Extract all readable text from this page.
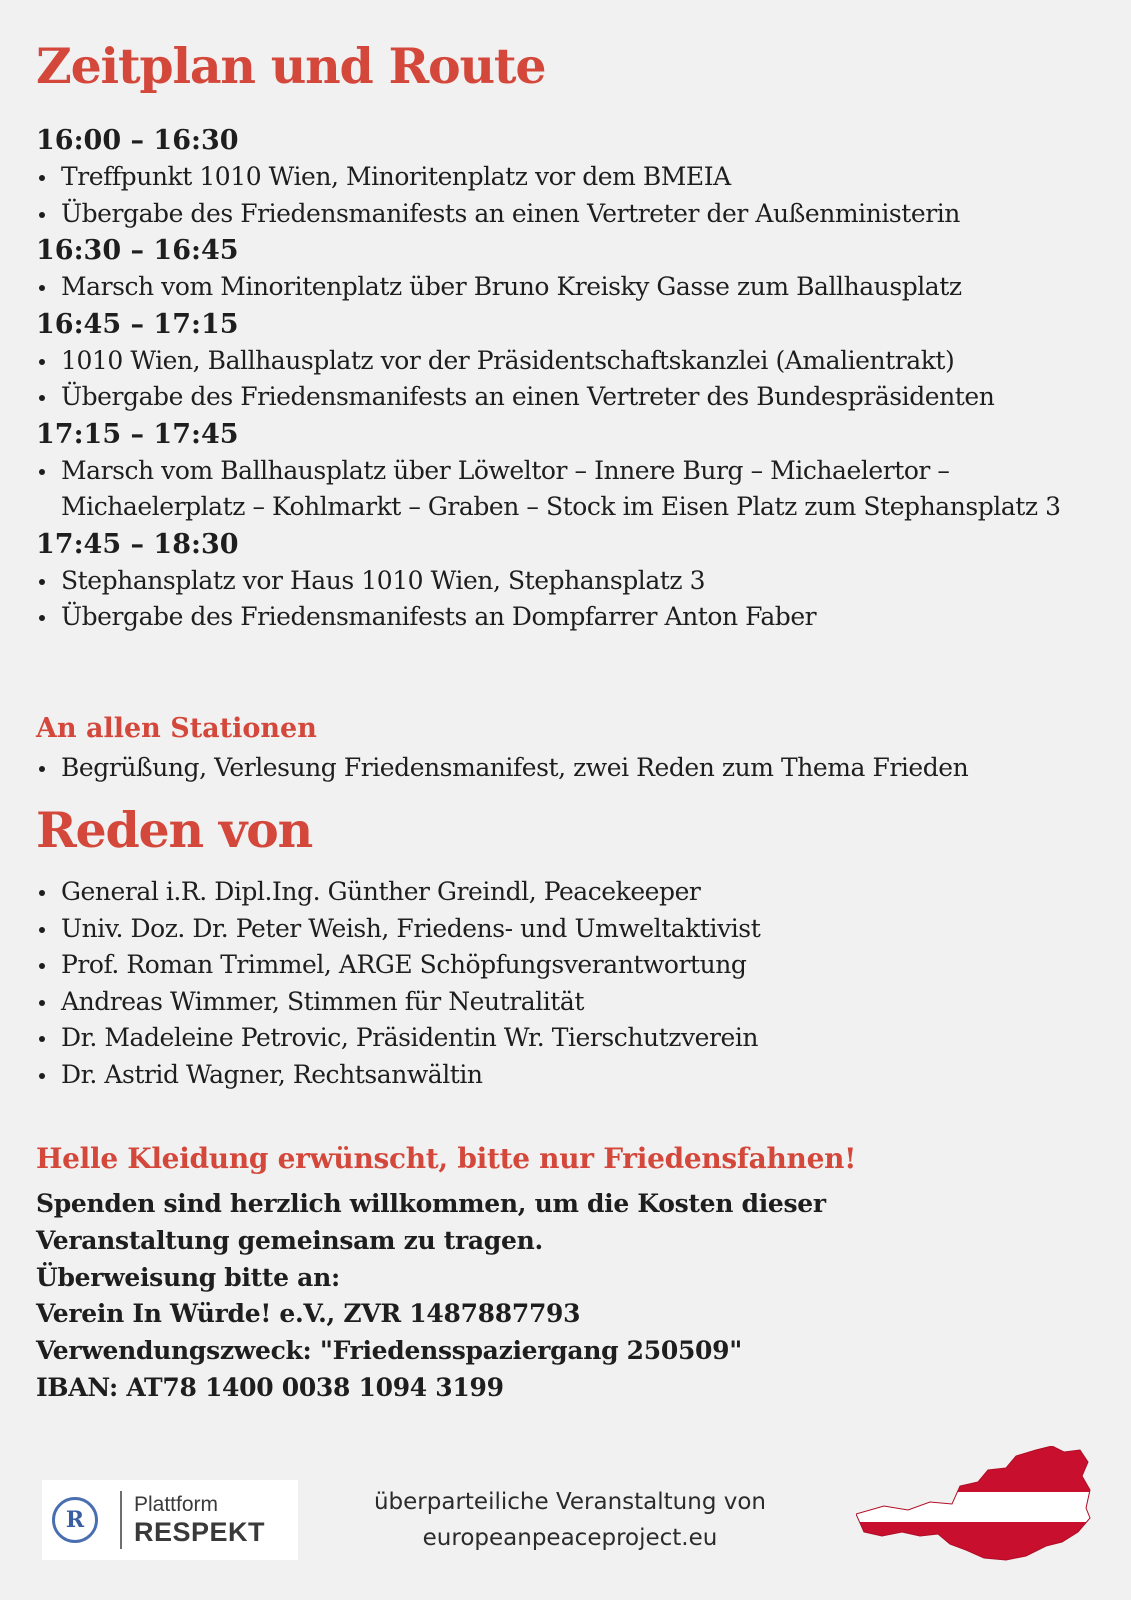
Zeitplan und Route
16:00 – 16:30
Treffpunkt 1010 Wien, Minoritenplatz vor dem BMEIA
Übergabe des Friedensmanifests an einen Vertreter der Außenministerin
16:30 – 16:45
Marsch vom Minoritenplatz über Bruno Kreisky Gasse zum Ballhausplatz
16:45 – 17:15
1010 Wien, Ballhausplatz vor der Präsidentschaftskanzlei (Amalientrakt)
Übergabe des Friedensmanifests an einen Vertreter des Bundespräsidenten
17:15 – 17:45
Marsch vom Ballhausplatz über Löweltor – Innere Burg – Michaelertor – Michaelerplatz – Kohlmarkt – Graben – Stock im Eisen Platz zum Stephansplatz 3
17:45 – 18:30
Stephansplatz vor Haus 1010 Wien, Stephansplatz 3
Übergabe des Friedensmanifests an Dompfarrer Anton Faber
An allen Stationen
Begrüßung, Verlesung Friedensmanifest, zwei Reden zum Thema Frieden
Reden von
General i.R. Dipl.Ing. Günther Greindl, Peacekeeper
Univ. Doz. Dr. Peter Weish, Friedens- und Umweltaktivist
Prof. Roman Trimmel, ARGE Schöpfungsverantwortung
Andreas Wimmer, Stimmen für Neutralität
Dr. Madeleine Petrovic, Präsidentin Wr. Tierschutzverein
Dr. Astrid Wagner, Rechtsanwältin
Helle Kleidung erwünscht, bitte nur Friedensfahnen!
Spenden sind herzlich willkommen, um die Kosten dieser
Veranstaltung gemeinsam zu tragen.
Überweisung bitte an:
Verein In Würde! e.V., ZVR 1487887793
Verwendungszweck: "Friedensspaziergang 250509"
IBAN: AT78 1400 0038 1094 3199
R
Plattform
RESPEKT
überparteiliche Veranstaltung von
europeanpeaceproject.eu
